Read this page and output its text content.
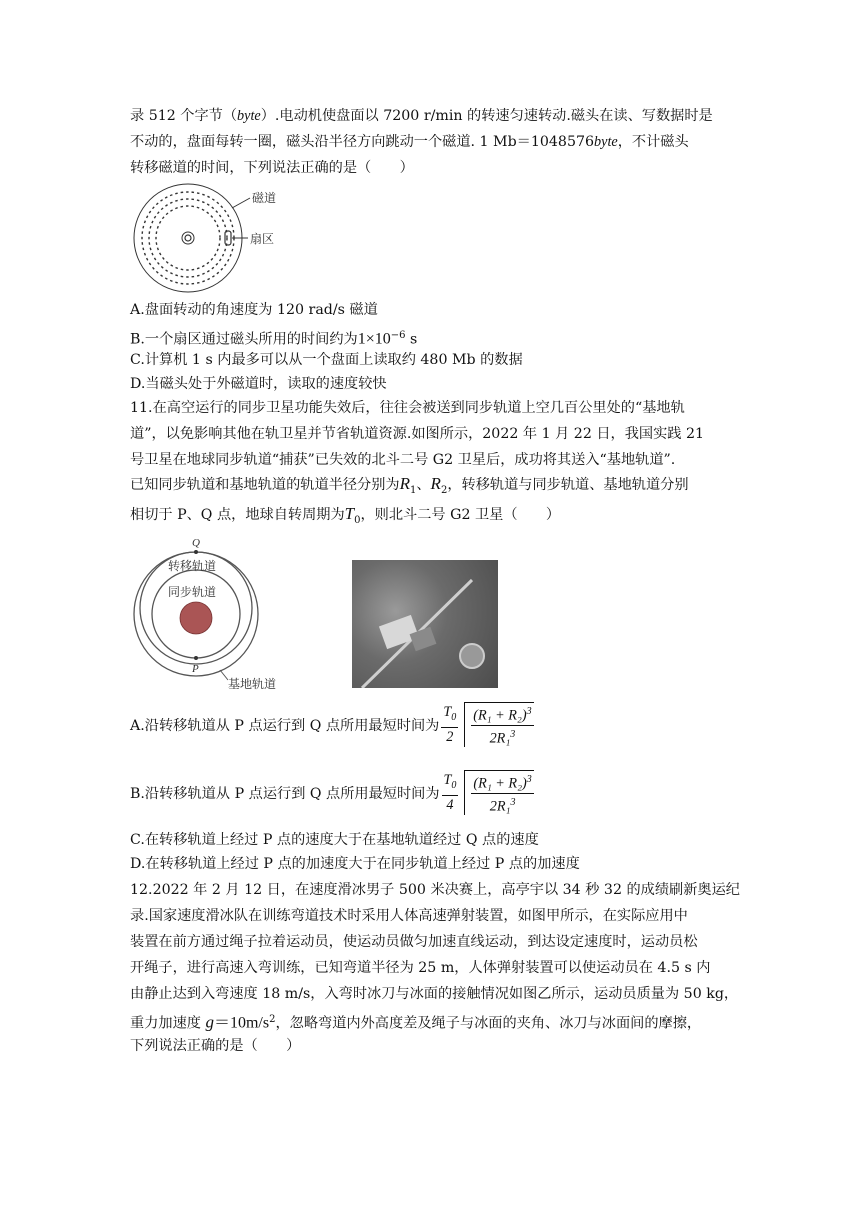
录 512 个字节（byte）.电动机使盘面以 7200 r/min 的转速匀速转动.磁头在读、写数据时是
不动的，盘面每转一圈，磁头沿半径方向跳动一个磁道. 1 Mb＝1048576byte，不计磁头
转移磁道的时间，下列说法正确的是（　　）
磁道
扇区
A.盘面转动的角速度为 120 rad/s 磁道
B.一个扇区通过磁头所用的时间约为$1\times 10^{-6}$ s
C.计算机 1 s 内最多可以从一个盘面上读取约 480 Mb 的数据
D.当磁头处于外磁道时，读取的速度较快
11.在高空运行的同步卫星功能失效后，往往会被送到同步轨道上空几百公里处的“基地轨
道”，以免影响其他在轨卫星并节省轨道资源.如图所示，2022 年 1 月 22 日，我国实践 21
号卫星在地球同步轨道“捕获”已失效的北斗二号 G2 卫星后，成功将其送入“基地轨道”.
已知同步轨道和基地轨道的轨道半径分别为$R_1$、$R_2$，转移轨道与同步轨道、基地轨道分别
相切于 P、Q 点，地球自转周期为$T_0$，则北斗二号 G2 卫星（　　）
Q
P
转移轨道
同步轨道
基地轨道
A.沿转移轨道从 P 点运行到 Q 点所用最短时间为 $\frac{T_0}{2} \frac{(R_1 + R_2)^3}{2R_1^3}$
B.沿转移轨道从 P 点运行到 Q 点所用最短时间为 $\frac{T_0}{4} \frac{(R_1 + R_2)^3}{2R_1^3}$
C.在转移轨道上经过 P 点的速度大于在基地轨道经过 Q 点的速度
D.在转移轨道上经过 P 点的加速度大于在同步轨道上经过 P 点的加速度
12.2022 年 2 月 12 日，在速度滑冰男子 500 米决赛上，高亭宇以 34 秒 32 的成绩刷新奥运纪
录.国家速度滑冰队在训练弯道技术时采用人体高速弹射装置，如图甲所示，在实际应用中
装置在前方通过绳子拉着运动员，使运动员做匀加速直线运动，到达设定速度时，运动员松
开绳子，进行高速入弯训练，已知弯道半径为 25 m，人体弹射装置可以使运动员在 4.5 s 内
由静止达到入弯速度 18 m/s，入弯时冰刀与冰面的接触情况如图乙所示，运动员质量为 50 kg，
重力加速度 $g=10m/s^2$，忽略弯道内外高度差及绳子与冰面的夹角、冰刀与冰面间的摩擦，
下列说法正确的是（　　）
